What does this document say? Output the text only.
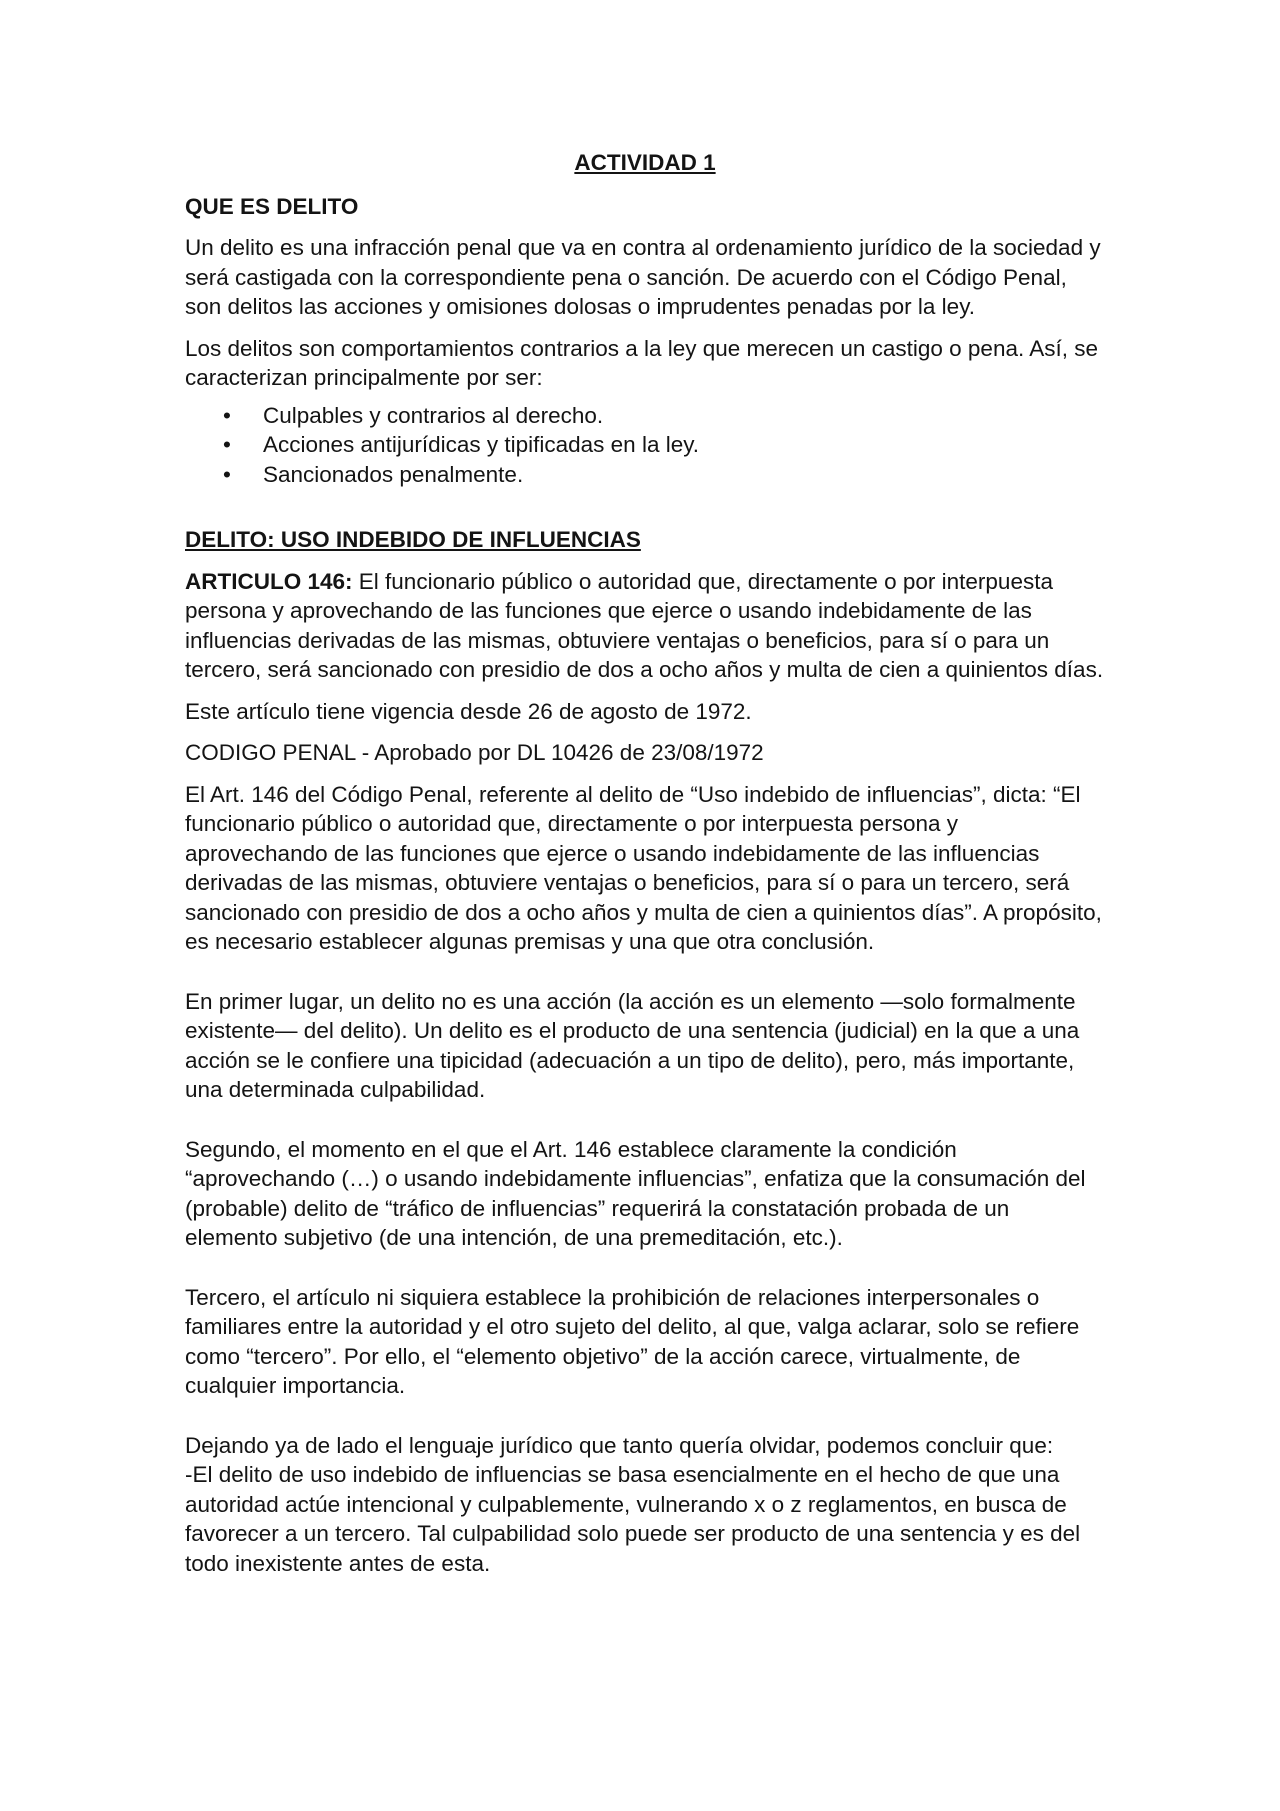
ACTIVIDAD 1
QUE ES DELITO

Un delito es una infracción penal que va en contra al ordenamiento jurídico de la sociedad y será castigada con la correspondiente pena o sanción. De acuerdo con el Código Penal, son delitos las acciones y omisiones dolosas o imprudentes penadas por la ley.

Los delitos son comportamientos contrarios a la ley que merecen un castigo o pena. Así, se caracterizan principalmente por ser:

• Culpables y contrarios al derecho.
• Acciones antijurídicas y tipificadas en la ley.
• Sancionados penalmente.
DELITO: USO INDEBIDO DE INFLUENCIAS

ARTICULO 146: El funcionario público o autoridad que, directamente o por interpuesta persona y aprovechando de las funciones que ejerce o usando indebidamente de las influencias derivadas de las mismas, obtuviere ventajas o beneficios, para sí o para un tercero, será sancionado con presidio de dos a ocho años y multa de cien a quinientos días.

Este artículo tiene vigencia desde 26 de agosto de 1972.

CODIGO PENAL - Aprobado por DL 10426 de 23/08/1972

El Art. 146 del Código Penal, referente al delito de “Uso indebido de influencias”, dicta: “El funcionario público o autoridad que, directamente o por interpuesta persona y aprovechando de las funciones que ejerce o usando indebidamente de las influencias derivadas de las mismas, obtuviere ventajas o beneficios, para sí o para un tercero, será sancionado con presidio de dos a ocho años y multa de cien a quinientos días”. A propósito, es necesario establecer algunas premisas y una que otra conclusión.

En primer lugar, un delito no es una acción (la acción es un elemento —solo formalmente existente— del delito). Un delito es el producto de una sentencia (judicial) en la que a una acción se le confiere una tipicidad (adecuación a un tipo de delito), pero, más importante, una determinada culpabilidad.

Segundo, el momento en el que el Art. 146 establece claramente la condición “aprovechando (…) o usando indebidamente influencias”, enfatiza que la consumación del (probable) delito de “tráfico de influencias” requerirá la constatación probada de un elemento subjetivo (de una intención, de una premeditación, etc.).

Tercero, el artículo ni siquiera establece la prohibición de relaciones interpersonales o familiares entre la autoridad y el otro sujeto del delito, al que, valga aclarar, solo se refiere como “tercero”. Por ello, el “elemento objetivo” de la acción carece, virtualmente, de cualquier importancia.

Dejando ya de lado el lenguaje jurídico que tanto quería olvidar, podemos concluir que:

-El delito de uso indebido de influencias se basa esencialmente en el hecho de que una autoridad actúe intencional y culpablemente, vulnerando x o z reglamentos, en busca de favorecer a un tercero. Tal culpabilidad solo puede ser producto de una sentencia y es del todo inexistente antes de esta.
